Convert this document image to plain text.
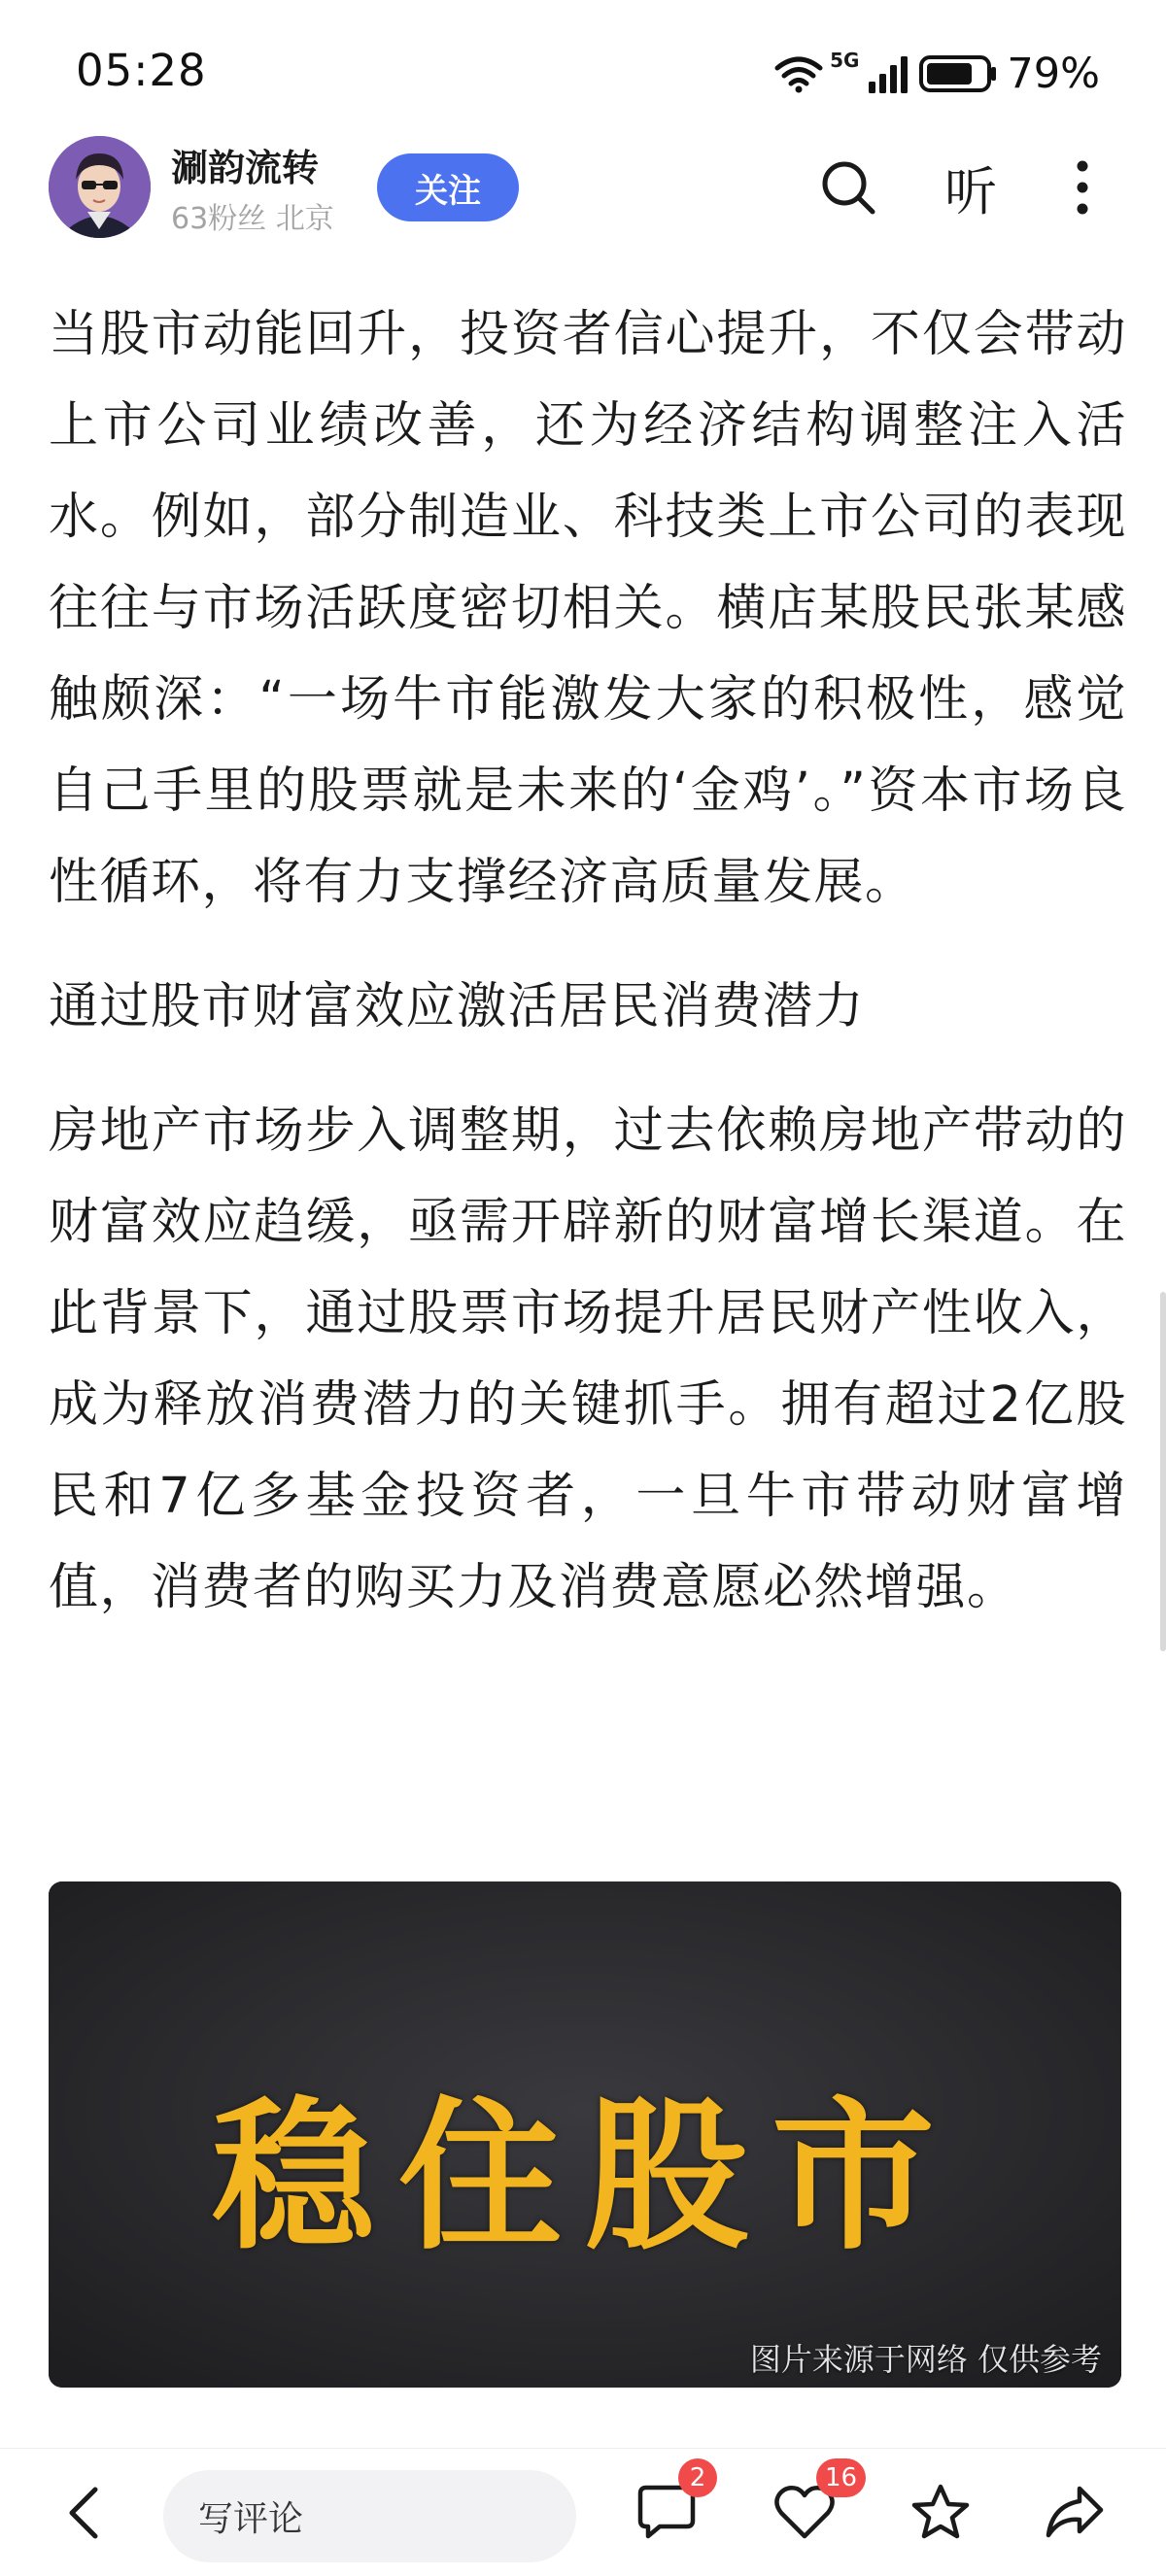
05:28	5G	79%
涮韵流转
63粉丝 北京
关注	听

当股市动能回升，投资者信心提升，不仅会带动上市公司业绩改善，还为经济结构调整注入活水。例如，部分制造业、科技类上市公司的表现往往与市场活跃度密切相关。横店某股民张某感触颇深：“一场牛市能激发大家的积极性，感觉自己手里的股票就是未来的‘金鸡’。”资本市场良性循环，将有力支撑经济高质量发展。

通过股市财富效应激活居民消费潜力

房地产市场步入调整期，过去依赖房地产带动的财富效应趋缓，亟需开辟新的财富增长渠道。在此背景下，通过股票市场提升居民财产性收入，成为释放消费潜力的关键抓手。拥有超过2亿股民和7亿多基金投资者，一旦牛市带动财富增值，消费者的购买力及消费意愿必然增强。

稳住股市
图片来源于网络 仅供参考
写评论
2	16
